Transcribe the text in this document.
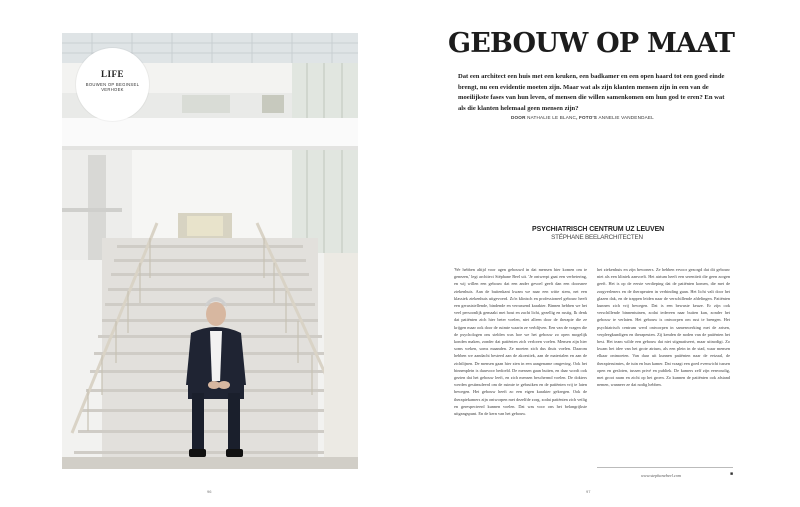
LIFE
BOUWEN OP BEGINSEL VERHOEK
96
GEBOUW OP MAAT
Dat een architect een huis met een keuken, een badkamer en een open haard tot een goed einde brengt, nu een evidentie moeten zijn. Maar wat als zijn klanten mensen zijn in een van de moeilijkste fases van hun leven, of mensen die willen samenkomen om hun god te eren? En wat als die klanten helemaal geen mensen zijn?
DOOR NATHALIE LE BLANC, FOTO'S ANNELIE VANDENDAEL
PSYCHIATRISCH CENTRUM UZ LEUVEN
STÉPHANE BEELARCHITECTEN

'We hebben altijd voor agen gebouwd in dat mensen hier komen om te genezen,' legt architect Stéphane Beel uit. 'Je ontwerpt gaat een verbetering, en wij willen een gebouw dat een ander gevoel geeft dan een doorsnee ziekenhuis. Aan de buitenkant kwam we naar een witte stem, net een klassiek ziekenhuis uitgevoerd. Zo'n klinisch en professioneel gebouw heeft een geruststellende, bindende en verrassend karakter. Binnen hebben we het veel persoonlijk gemaakt met hout en zacht licht, gezellig en rustig. Ik denk dat patiënten zich hier beter voelen, niet alleen door de therapie die ze krijgen maar ook door de ruimte waarin ze verblijven. Een van de vragen die de psychologen ons stelden was hoe we het gebouw zo open mogelijk konden maken, zonder dat patiënten zich verloren voelen. Mensen zijn hier soms weken, soms maanden. Ze moeten zich dus thuis voelen. Daarom hebben we aandacht besteed aan de akoestiek, aan de materialen en aan de zichtlijnen. De mensen gaan hier zien in een aangename omgeving. Ook het binnenplein is daarvoor bedoeld. De mensen gaan buiten, en daar wordt ook gezien dat het gebouw leeft, en zich mensen beschermd voelen. De dokters werden gestimuleerd om de ruimte te gebruiken en de patiënten vrij te laten bewegen. Het gebouw heeft zo een eigen karakter gekregen. Ook de therapiekamers zijn ontworpen met dezelfde zorg, zodat patiënten zich veilig en gerespecteerd kunnen voelen. Dat was voor ons het belangrijkste uitgangspunt. En de kern van het gebouw.

het ziekenhuis en zijn bewoners. Ze hebben ervoor gezorgd dat dit gebouw niet als een kliniek aanvoelt. Het atrium heeft een sereniteit die geen zorgen geeft. Het is op de eerste verdieping dat de patiënten komen, die met de zorgverleners en de therapeuten in verbinding gaan. Het licht valt door het glazen dak, en de trappen leiden naar de verschillende afdelingen. Patiënten kunnen zich vrij bewegen. Dat is een bewuste keuze. Er zijn ook verschillende binnentuinen, zodat iedereen naar buiten kan, zonder het gebouw te verlaten. Het gebouw is ontworpen om rust te brengen. Het psychiatrisch centrum werd ontworpen in samenwerking met de artsen, verpleegkundigen en therapeuten. Zij kenden de noden van de patiënten het best. Het team wilde een gebouw dat niet stigmatiseert, maar uitnodigt. Zo kwam het idee van het grote atrium, als een plein in de stad, waar mensen elkaar ontmoeten. Van daar uit kunnen patiënten naar de eetzaal, de therapieruimtes, de tuin en hun kamer. Dat vraagt een goed evenwicht tussen open en gesloten, tussen privé en publiek. De kamers zelf zijn eenvoudig, met groot raam en zicht op het groen. Zo kunnen de patiënten ook afstand nemen, wanneer ze dat nodig hebben.

www.stephanebeel.com	■
97
